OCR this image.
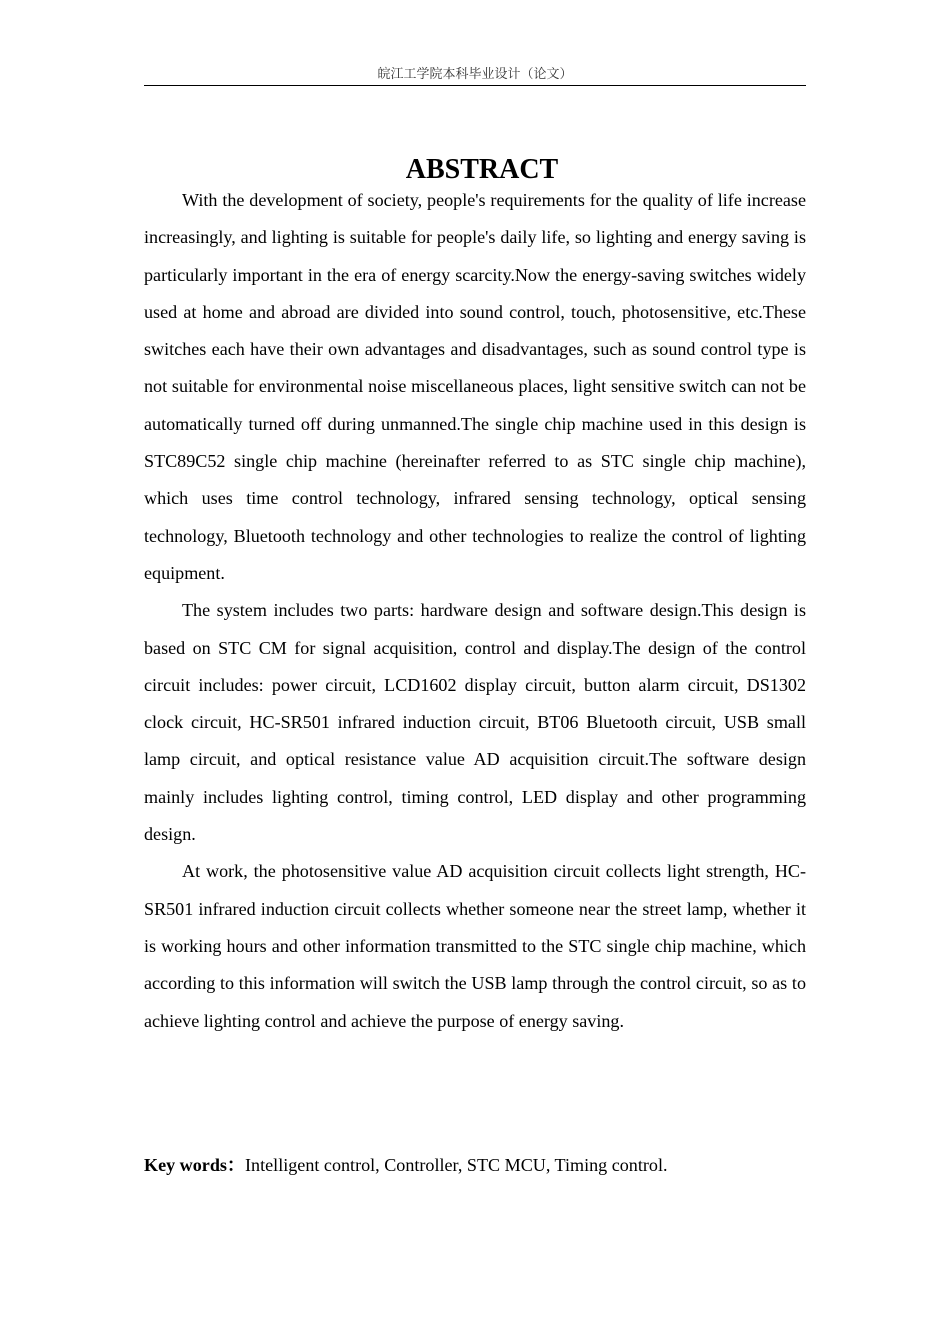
皖江工学院本科毕业设计（论文）
ABSTRACT

With the development of society, people's requirements for the quality of life increase increasingly, and lighting is suitable for people's daily life, so lighting and energy saving is particularly important in the era of energy scarcity.Now the energy-saving switches widely used at home and abroad are divided into sound control, touch, photosensitive, etc.These switches each have their own advantages and disadvantages, such as sound control type is not suitable for environmental noise miscellaneous places, light sensitive switch can not be automatically turned off during unmanned.The single chip machine used in this design is STC89C52 single chip machine (hereinafter referred to as STC single chip machine), which uses time control technology, infrared sensing technology, optical sensing technology, Bluetooth technology and other technologies to realize the control of lighting equipment.

The system includes two parts: hardware design and software design.This design is based on STC CM for signal acquisition, control and display.The design of the control circuit includes: power circuit, LCD1602 display circuit, button alarm circuit, DS1302 clock circuit, HC-SR501 infrared induction circuit, BT06 Bluetooth circuit, USB small lamp circuit, and optical resistance value AD acquisition circuit.The software design mainly includes lighting control, timing control, LED display and other programming design.

At work, the photosensitive value AD acquisition circuit collects light strength, HC-SR501 infrared induction circuit collects whether someone near the street lamp, whether it is working hours and other information transmitted to the STC single chip machine, which according to this information will switch the USB lamp through the control circuit, so as to achieve lighting control and achieve the purpose of energy saving.

Key words：Intelligent control, Controller, STC MCU, Timing control.
